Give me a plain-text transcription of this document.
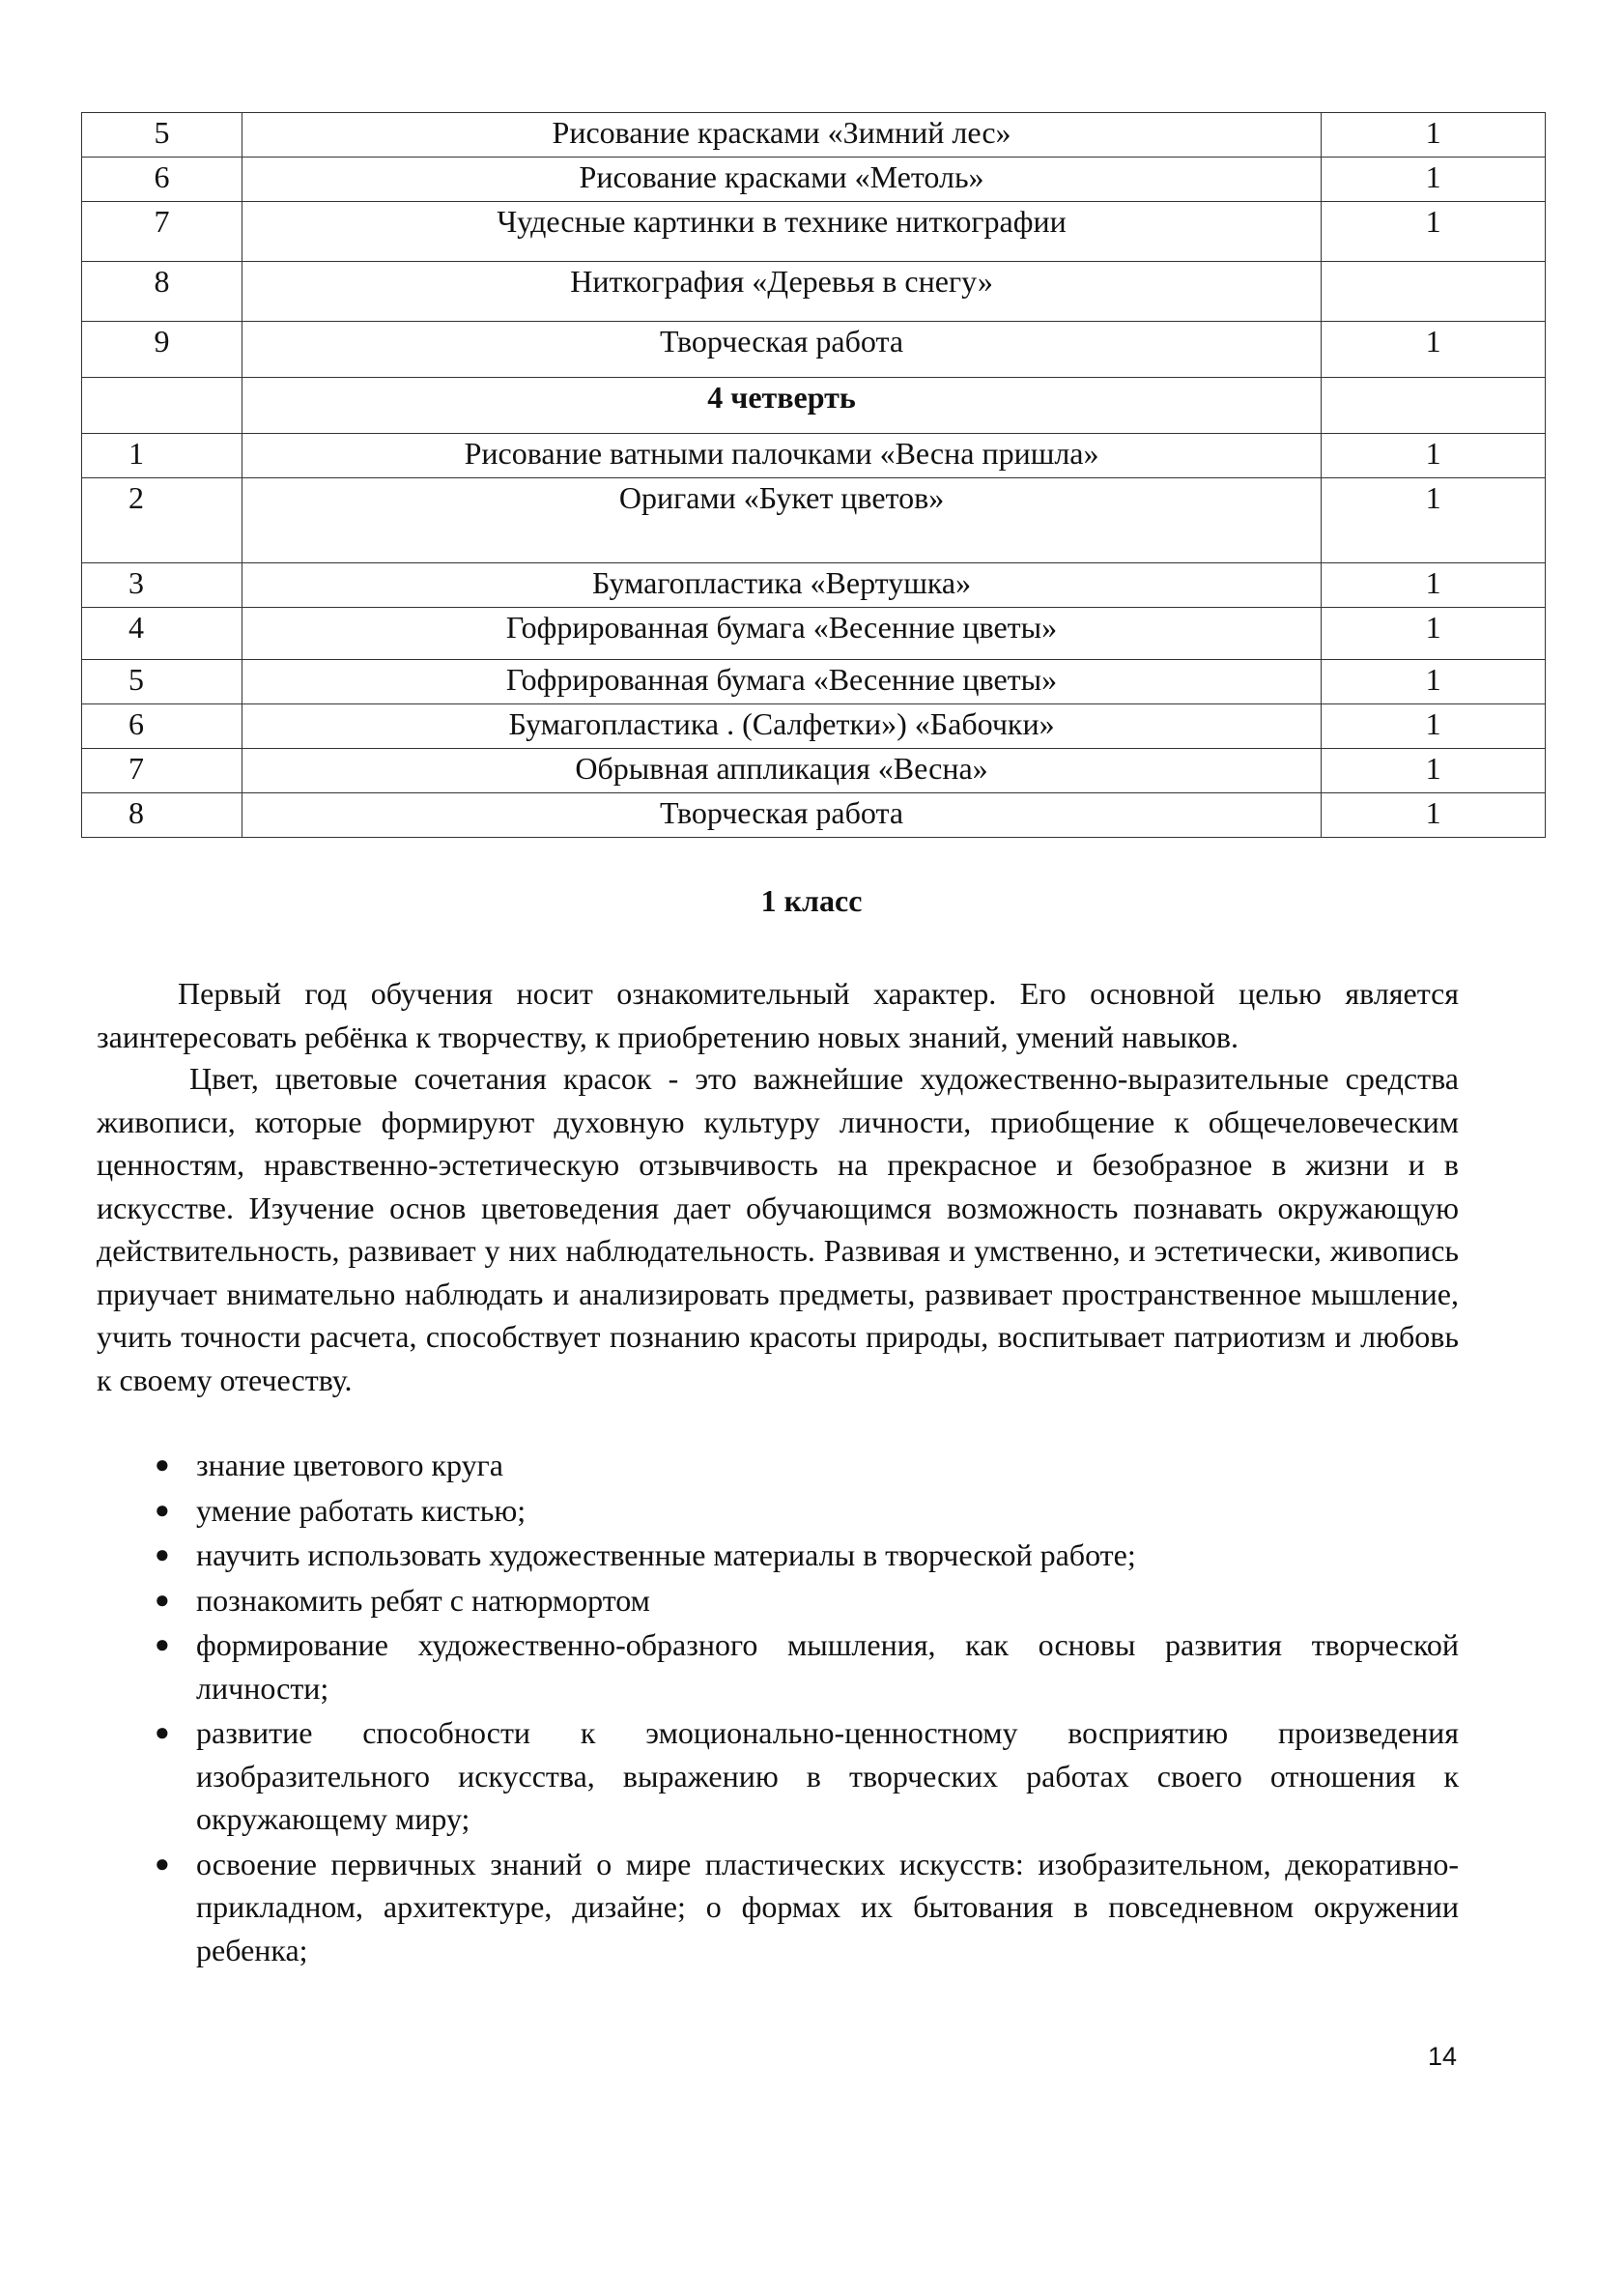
5	Рисование красками «Зимний лес»	1
6	Рисование красками «Метоль»	1
7	Чудесные картинки в технике ниткографии	1
8	Ниткография «Деревья в снегу»	
9	Творческая работа	1
	4 четверть	
1	Рисование ватными палочками «Весна пришла»	1
2	Оригами «Букет цветов»	1
3	Бумагопластика «Вертушка»	1
4	Гофрированная бумага «Весенние цветы»	1
5	Гофрированная бумага «Весенние цветы»	1
6	Бумагопластика . (Салфетки») «Бабочки»	1
7	Обрывная аппликация «Весна»	1
8	Творческая работа	1
1 класс

Первый год обучения носит ознакомительный характер. Его основной целью является заинтересовать ребёнка к творчеству, к приобретению новых знаний, умений навыков.

Цвет, цветовые сочетания красок - это важнейшие художественно-выразительные средства живописи, которые формируют духовную культуру личности, приобщение к общечеловеческим ценностям, нравственно-эстетическую отзывчивость на прекрасное и безобразное в жизни и в искусстве. Изучение основ цветоведения дает обучающимся возможность познавать окружающую действительность, развивает у них наблюдательность. Развивая и умственно, и эстетически, живопись приучает внимательно наблюдать и анализировать предметы, развивает пространственное мышление, учить точности расчета, способствует познанию красоты природы, воспитывает патриотизм и любовь к своему отечеству.

● знание цветового круга
● умение работать кистью;
● научить использовать художественные материалы в творческой работе;
● познакомить ребят с натюрмортом
● формирование художественно-образного мышления, как основы развития творческой личности;
● развитие способности к эмоционально-ценностному восприятию произведения изобразительного искусства, выражению в творческих работах своего отношения к окружающему миру;
● освоение первичных знаний о мире пластических искусств: изобразительном, декоративно-прикладном, архитектуре, дизайне; о формах их бытования в повседневном окружении ребенка;

14
